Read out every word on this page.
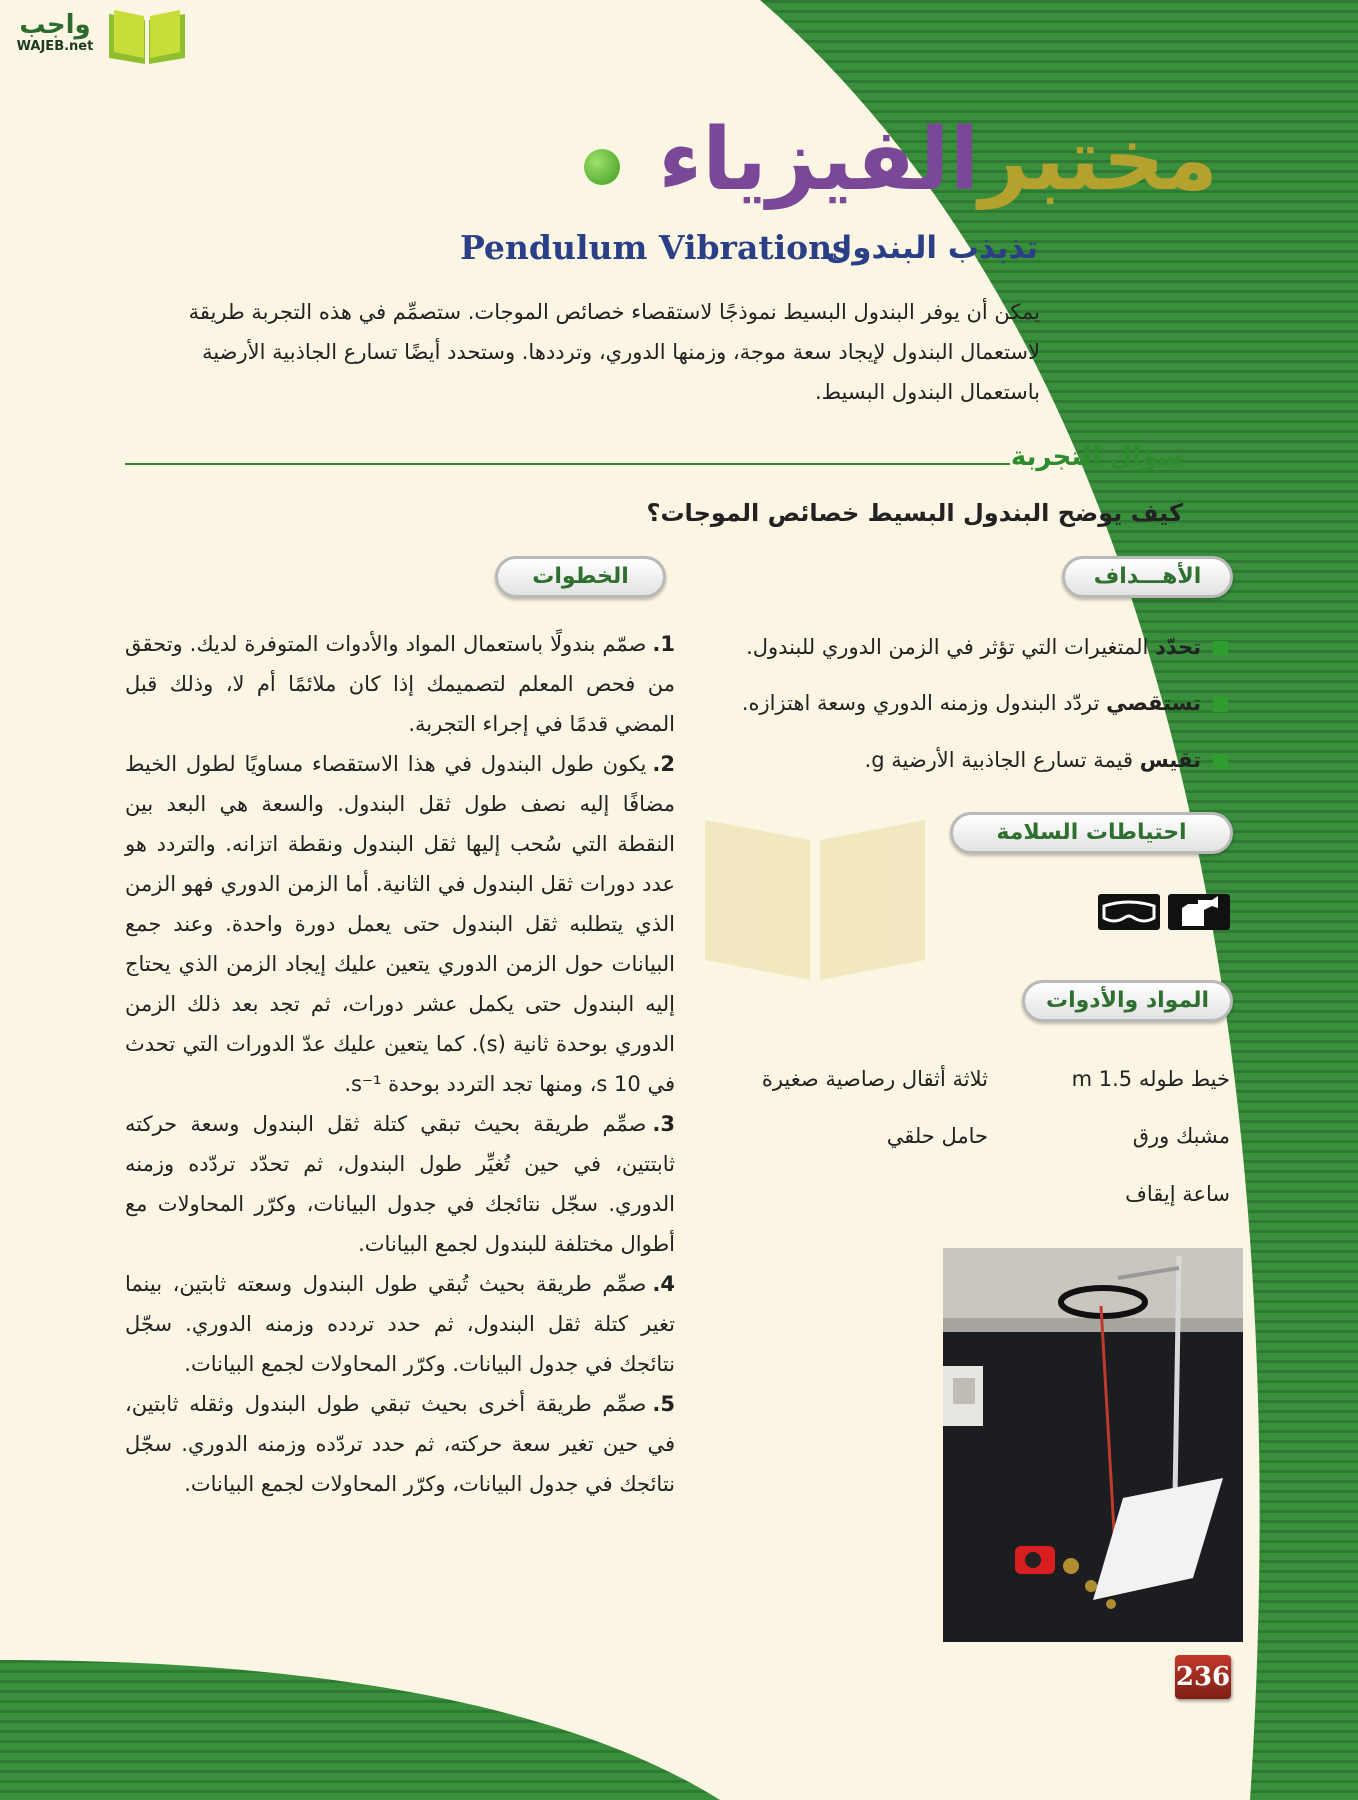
واجب
WAJEB.net
مختبرالفيزياء
تذبذب البندول
Pendulum Vibrations
يمكن أن يوفر البندول البسيط نموذجًا لاستقصاء خصائص الموجات. ستصمِّم في هذه التجربة طريقة لاستعمال البندول لإيجاد سعة موجة، وزمنها الدوري، وترددها. وستحدد أيضًا تسارع الجاذبية الأرضية باستعمال البندول البسيط.
سؤال التجربة
كيف يوضح البندول البسيط خصائص الموجات؟
الخطوات	الأهـــداف
احتياطات السلامة
المواد والأدوات
تحدّد المتغيرات التي تؤثر في الزمن الدوري للبندول.
تستقصي تردّد البندول وزمنه الدوري وسعة اهتزازه.
تقيس قيمة تسارع الجاذبية الأرضية g.
خيط طوله 1.5 m
ثلاثة أثقال رصاصية صغيرة
مشبك ورق
حامل حلقي
ساعة إيقاف

1.صمّم بندولًا باستعمال المواد والأدوات المتوفرة لديك. وتحقق من فحص المعلم لتصميمك إذا كان ملائمًا أم لا، وذلك قبل المضي قدمًا في إجراء التجربة.

2.يكون طول البندول في هذا الاستقصاء مساويًا لطول الخيط مضافًا إليه نصف طول ثقل البندول. والسعة هي البعد بين النقطة التي سُحب إليها ثقل البندول ونقطة اتزانه. والتردد هو عدد دورات ثقل البندول في الثانية. أما الزمن الدوري فهو الزمن الذي يتطلبه ثقل البندول حتى يعمل دورة واحدة. وعند جمع البيانات حول الزمن الدوري يتعين عليك إيجاد الزمن الذي يحتاج إليه البندول حتى يكمل عشر دورات، ثم تجد بعد ذلك الزمن الدوري بوحدة ثانية (s). كما يتعين عليك عدّ الدورات التي تحدث في 10 s، ومنها تجد التردد بوحدة s⁻¹.

3.صمِّم طريقة بحيث تبقي كتلة ثقل البندول وسعة حركته ثابتتين، في حين تُغيِّر طول البندول، ثم تحدّد تردّده وزمنه الدوري. سجّل نتائجك في جدول البيانات، وكرّر المحاولات مع أطوال مختلفة للبندول لجمع البيانات.

4.صمِّم طريقة بحيث تُبقي طول البندول وسعته ثابتين، بينما تغير كتلة ثقل البندول، ثم حدد تردده وزمنه الدوري. سجّل نتائجك في جدول البيانات. وكرّر المحاولات لجمع البيانات.

5.صمِّم طريقة أخرى بحيث تبقي طول البندول وثقله ثابتين، في حين تغير سعة حركته، ثم حدد تردّده وزمنه الدوري. سجّل نتائجك في جدول البيانات، وكرّر المحاولات لجمع البيانات.

236
